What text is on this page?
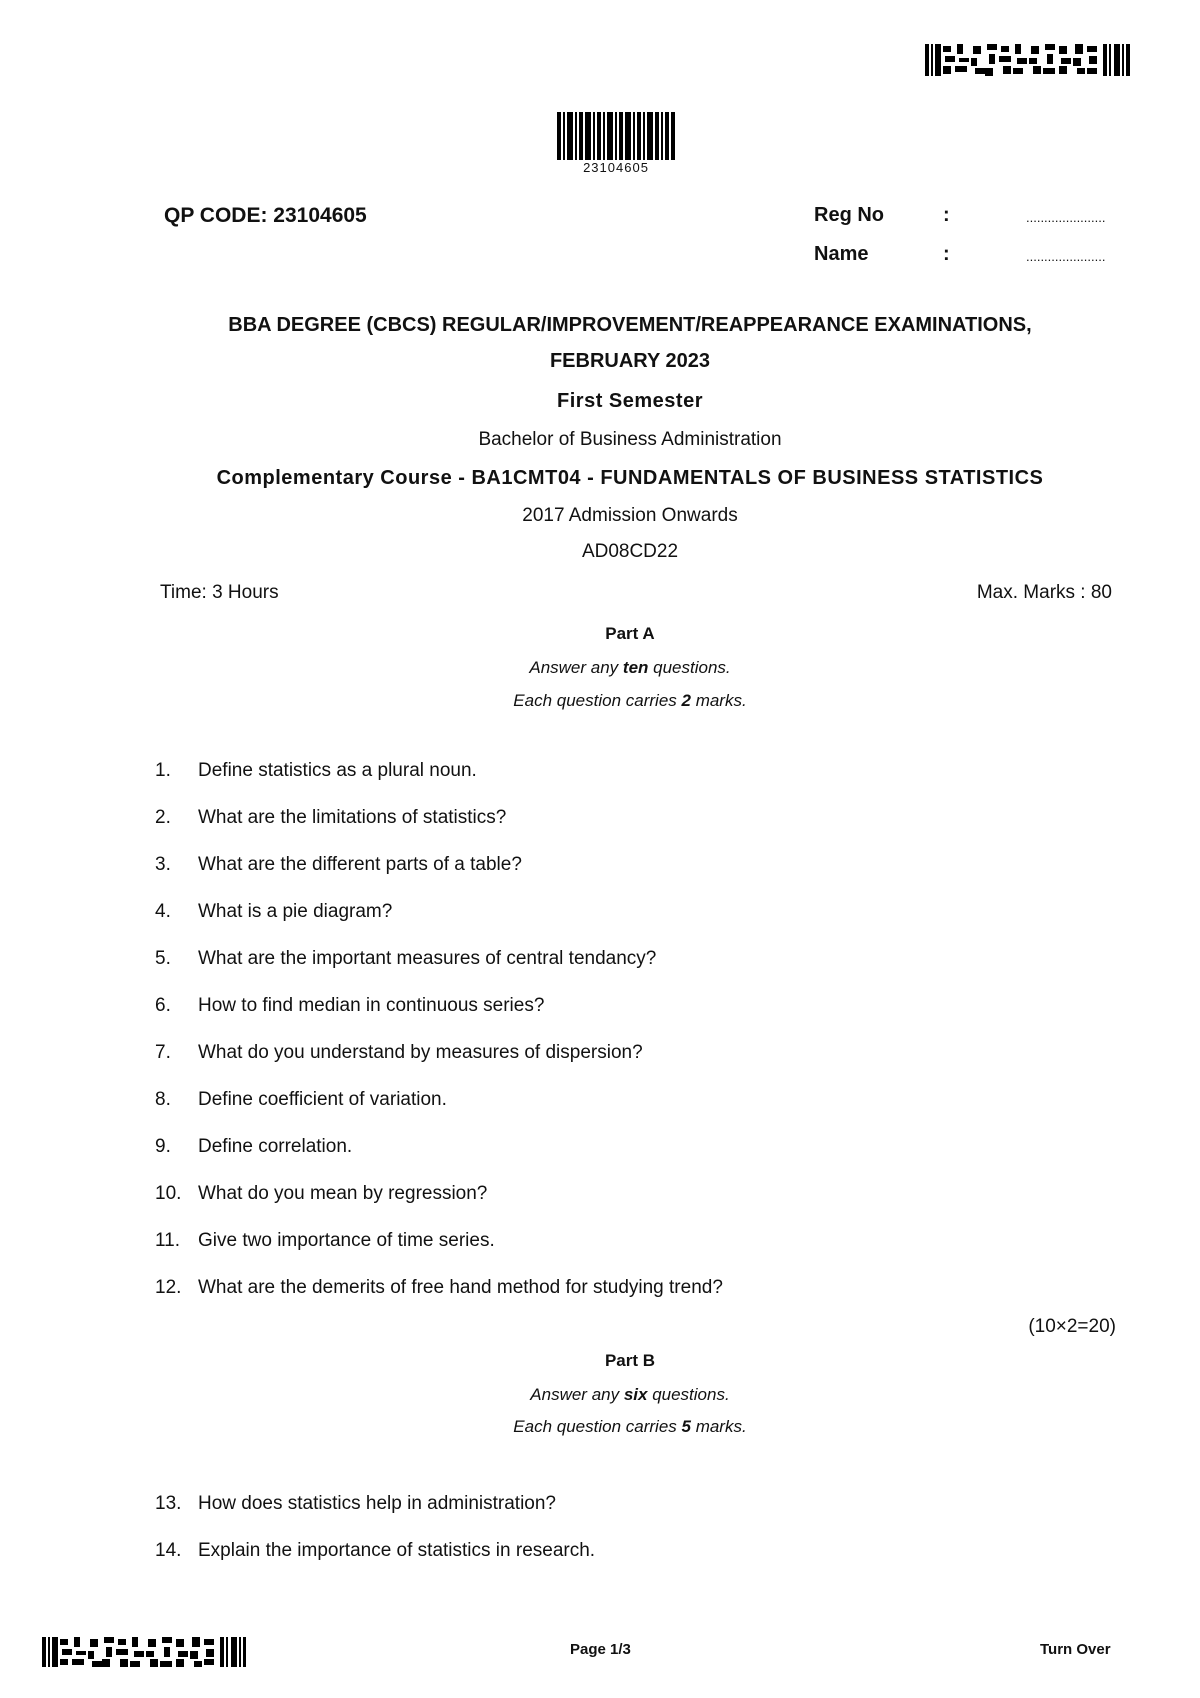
23104605
QP CODE: 23104605	Reg No	:	......................
Name	:	......................
BBA DEGREE (CBCS) REGULAR/IMPROVEMENT/REAPPEARANCE EXAMINATIONS,
FEBRUARY 2023
First Semester
Bachelor of Business Administration
Complementary Course - BA1CMT04 - FUNDAMENTALS OF BUSINESS STATISTICS
2017 Admission Onwards
AD08CD22
Time: 3 Hours	Max. Marks : 80
Part A
Answer any ten questions.
Each question carries 2 marks.
1.	Define statistics as a plural noun.
2.	What are the limitations of statistics?
3.	What are the different parts of a table?
4.	What is a pie diagram?
5.	What are the important measures of central tendancy?
6.	How to find median in continuous series?
7.	What do you understand by measures of dispersion?
8.	Define coefficient of variation.
9.	Define correlation.
10. What do you mean by regression?
11. Give two importance of time series.
12. What are the demerits of free hand method for studying trend?
(10×2=20)
Part B
Answer any six questions.
Each question carries 5 marks.
13. How does statistics help in administration?
14. Explain the importance of statistics in research.
Page 1/3	Turn Over
